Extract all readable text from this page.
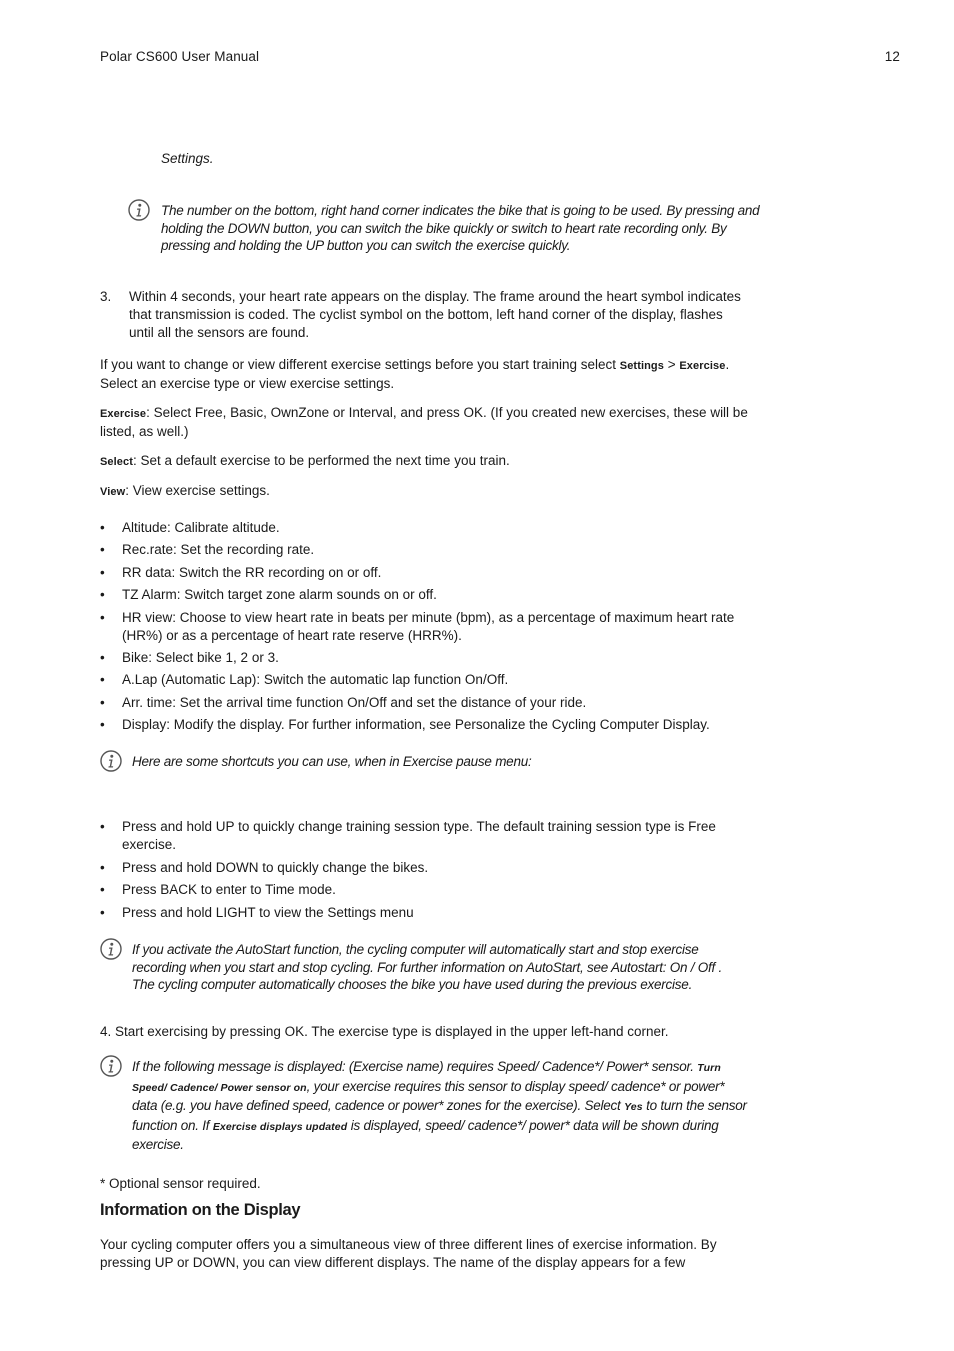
Polar CS600 User Manual	12
Settings.
The number on the bottom, right hand corner indicates the bike that is going to be used. By pressing and holding the DOWN button, you can switch the bike quickly or switch to heart rate recording only. By pressing and holding the UP button you can switch the exercise quickly.
3. Within 4 seconds, your heart rate appears on the display. The frame around the heart symbol indicates that transmission is coded. The cyclist symbol on the bottom, left hand corner of the display, flashes until all the sensors are found.
If you want to change or view different exercise settings before you start training select Settings > Exercise. Select an exercise type or view exercise settings.
Exercise: Select Free, Basic, OwnZone or Interval, and press OK. (If you created new exercises, these will be listed, as well.)
Select: Set a default exercise to be performed the next time you train.
View: View exercise settings.
• Altitude: Calibrate altitude.
• Rec.rate: Set the recording rate.
• RR data: Switch the RR recording on or off.
• TZ Alarm: Switch target zone alarm sounds on or off.
• HR view: Choose to view heart rate in beats per minute (bpm), as a percentage of maximum heart rate (HR%) or as a percentage of heart rate reserve (HRR%).
• Bike: Select bike 1, 2 or 3.
• A.Lap (Automatic Lap): Switch the automatic lap function On/Off.
• Arr. time: Set the arrival time function On/Off and set the distance of your ride.
• Display: Modify the display. For further information, see Personalize the Cycling Computer Display.
Here are some shortcuts you can use, when in Exercise pause menu:
• Press and hold UP to quickly change training session type. The default training session type is Free exercise.
• Press and hold DOWN to quickly change the bikes.
• Press BACK to enter to Time mode.
• Press and hold LIGHT to view the Settings menu
If you activate the AutoStart function, the cycling computer will automatically start and stop exercise recording when you start and stop cycling. For further information on AutoStart, see Autostart: On / Off . The cycling computer automatically chooses the bike you have used during the previous exercise.
4. Start exercising by pressing OK. The exercise type is displayed in the upper left-hand corner.
If the following message is displayed: (Exercise name) requires Speed/ Cadence*/ Power* sensor. Turn Speed/ Cadence/ Power sensor on, your exercise requires this sensor to display speed/ cadence* or power* data (e.g. you have defined speed, cadence or power* zones for the exercise). Select Yes to turn the sensor function on. If Exercise displays updated is displayed, speed/ cadence*/ power* data will be shown during exercise.
* Optional sensor required.
Information on the Display
Your cycling computer offers you a simultaneous view of three different lines of exercise information. By pressing UP or DOWN, you can view different displays. The name of the display appears for a few
